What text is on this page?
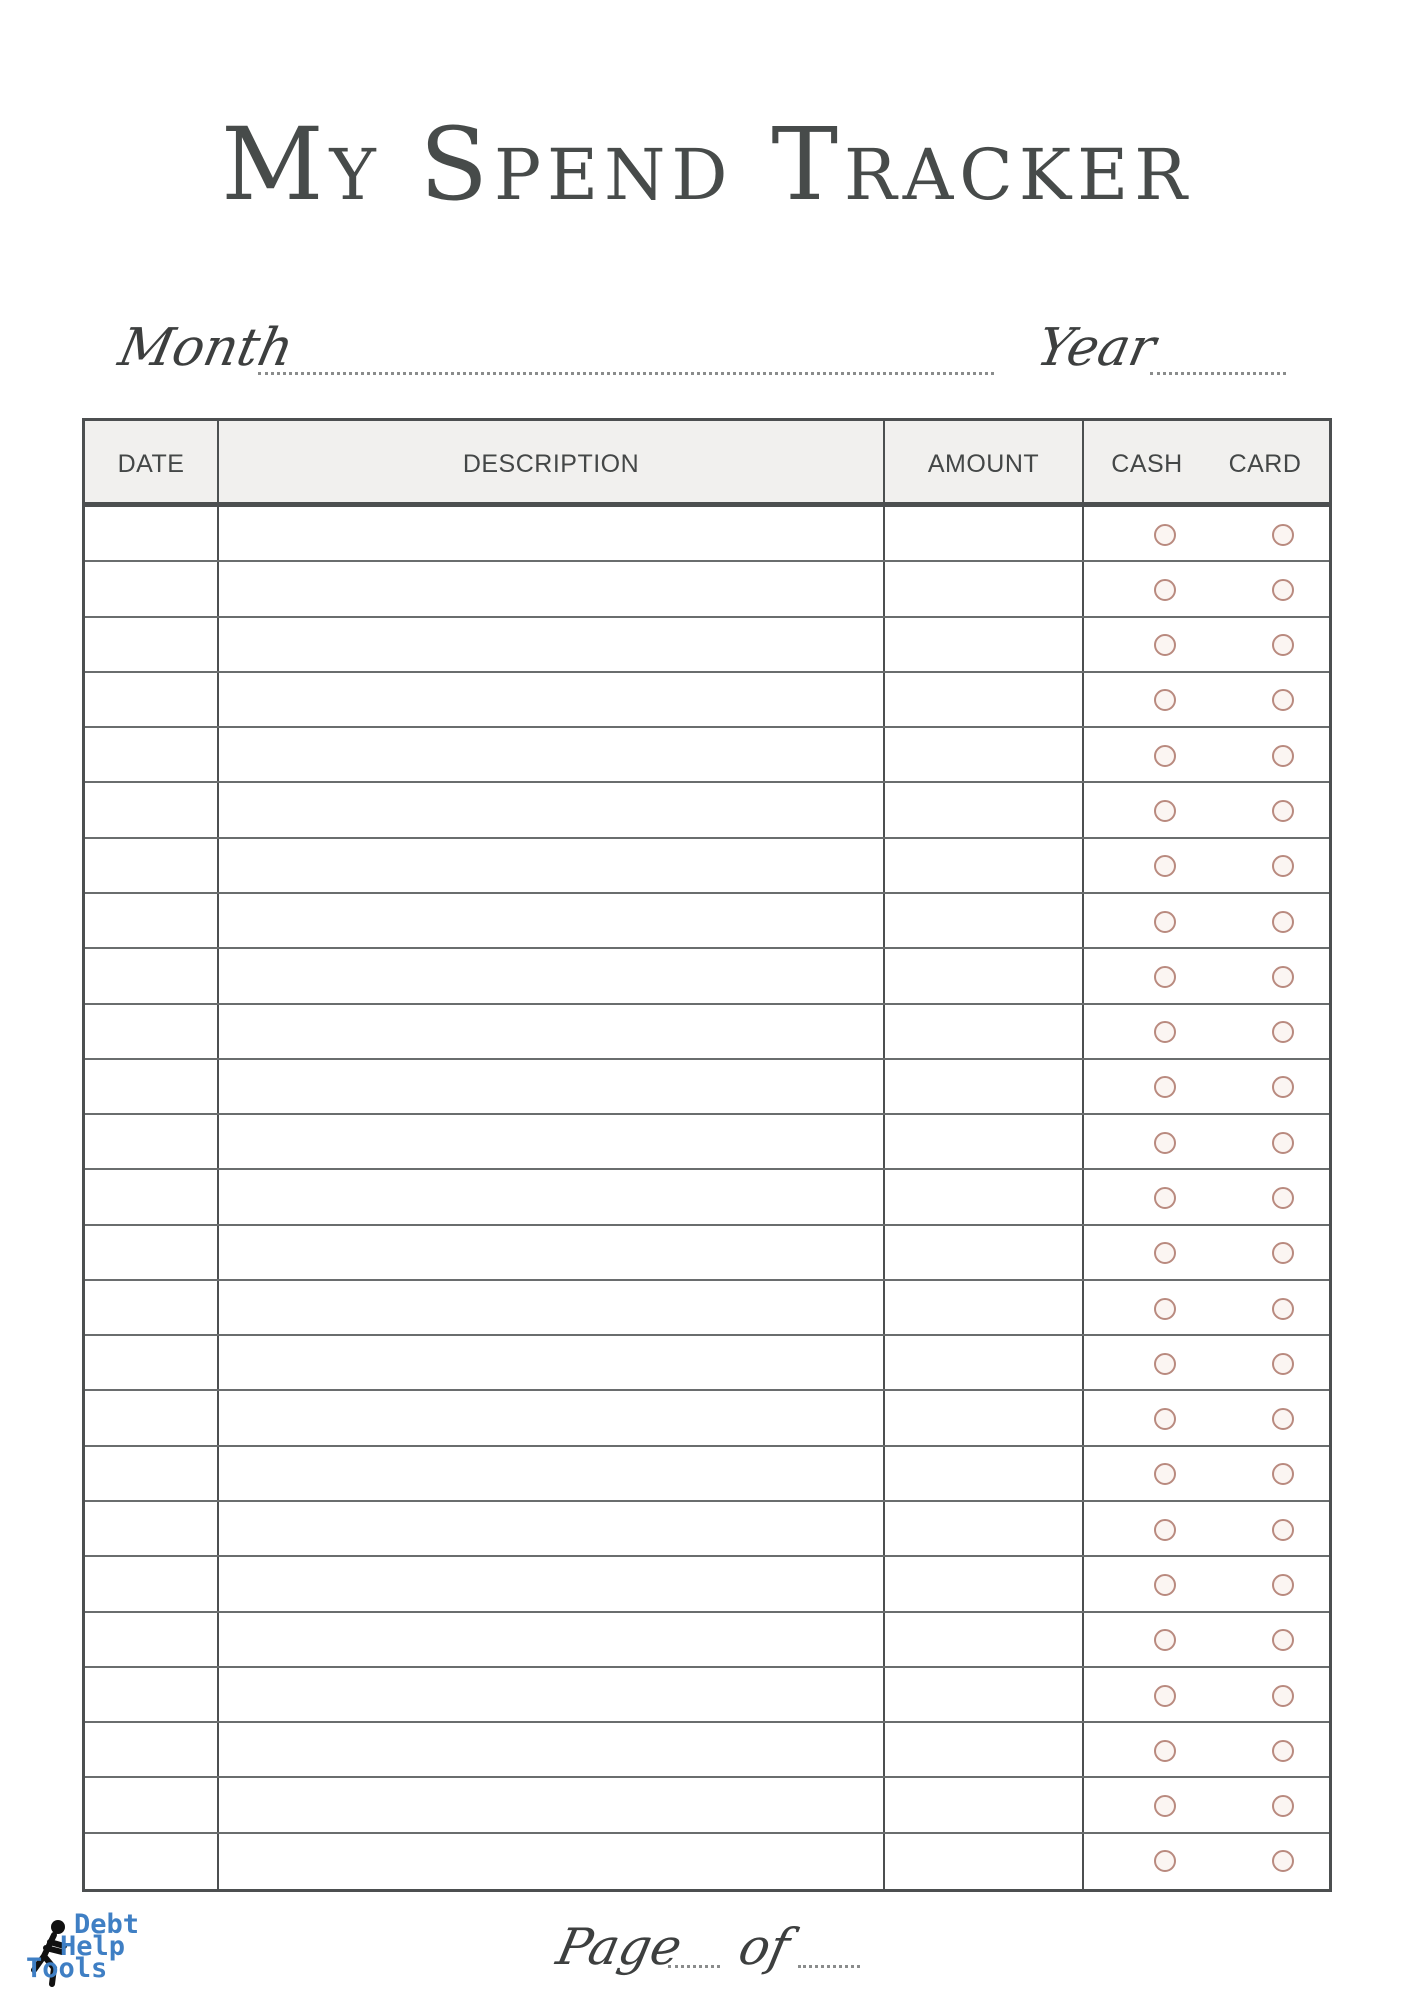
My Spend Tracker
Month	Year
DATE	DESCRIPTION	AMOUNT	CASH	CARD
Page of
Debt
Help
Tools
